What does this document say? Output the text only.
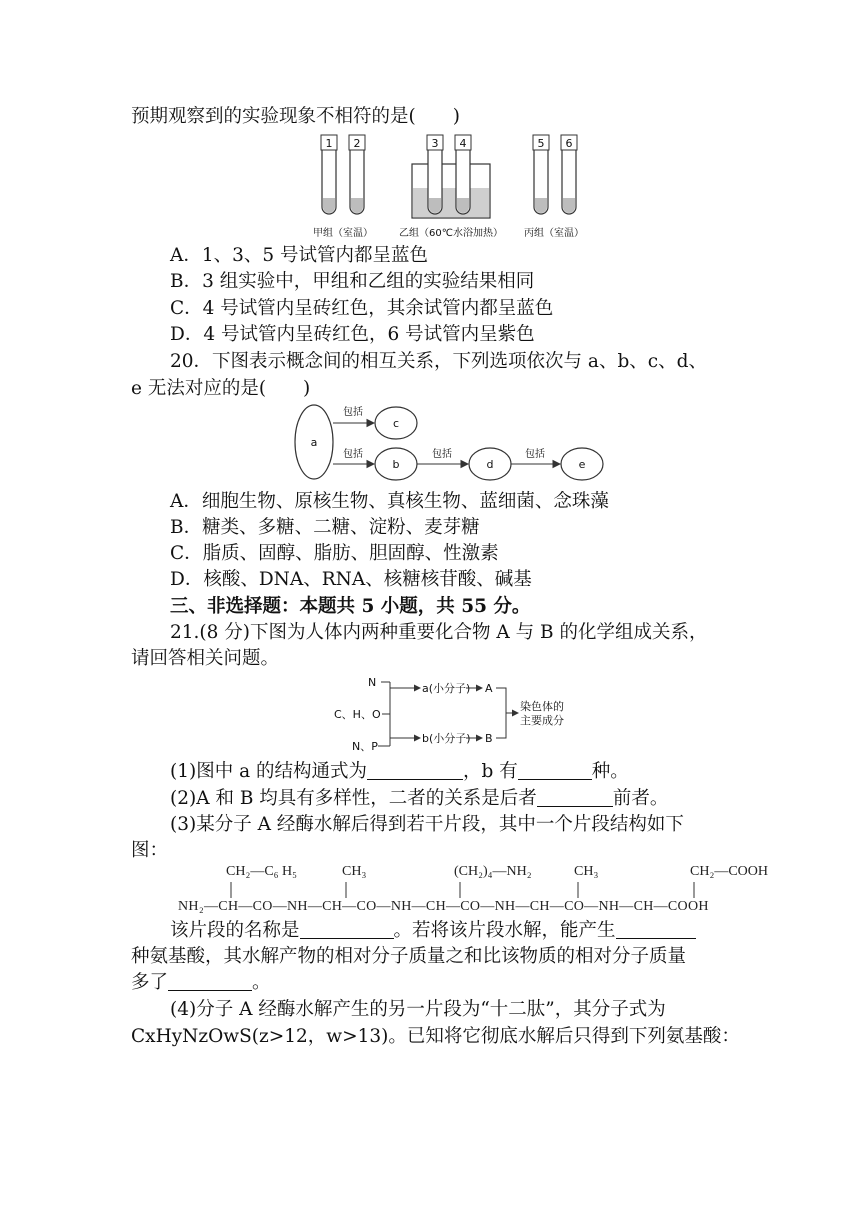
预期观察到的实验现象不相符的是(　　)
1 2	3 4	5 6
甲组（室温）	乙组（60℃水浴加热） 丙组（室温）
A．1、3、5 号试管内都呈蓝色
B．3 组实验中，甲组和乙组的实验结果相同
C．4 号试管内呈砖红色，其余试管内都呈蓝色
D．4 号试管内呈砖红色，6 号试管内呈紫色
20．下图表示概念间的相互关系，下列选项依次与 a、b、c、d、
e 无法对应的是(　　)
a
b
c
d	e
包括
包括	包括	包括
A．细胞生物、原核生物、真核生物、蓝细菌、念珠藻
B．糖类、多糖、二糖、淀粉、麦芽糖
C．脂质、固醇、脂肪、胆固醇、性激素
D．核酸、DNA、RNA、核糖核苷酸、碱基
三、非选择题：本题共 5 小题，共 55 分。
21.(8 分)下图为人体内两种重要化合物 A 与 B 的化学组成关系，
请回答相关问题。
N
C、H、O
N、P
a(小分子)
b(小分子)
A
B
染色体的
主要成分
(1)图中 a 的结构通式为	，b 有	种。
(2)A 和 B 均具有多样性，二者的关系是后者	前者。
(3)某分子 A 经酶水解后得到若干片段，其中一个片段结构如下
图：
CH₂—C₆ H₅	CH₃	(CH₂)₄—NH₂	CH₃	CH₂—COOH
NH₂—CH—CO—NH—CH—CO—NH—CH—CO—NH—CH—CO—NH—CH—COOH
该片段的名称是	。若将该片段水解，能产生
种氨基酸，其水解产物的相对分子质量之和比该物质的相对分子质量
多了	。
(4)分子 A 经酶水解产生的另一片段为“十二肽”，其分子式为
CxHyNzOwS(z>12，w>13)。已知将它彻底水解后只得到下列氨基酸：
